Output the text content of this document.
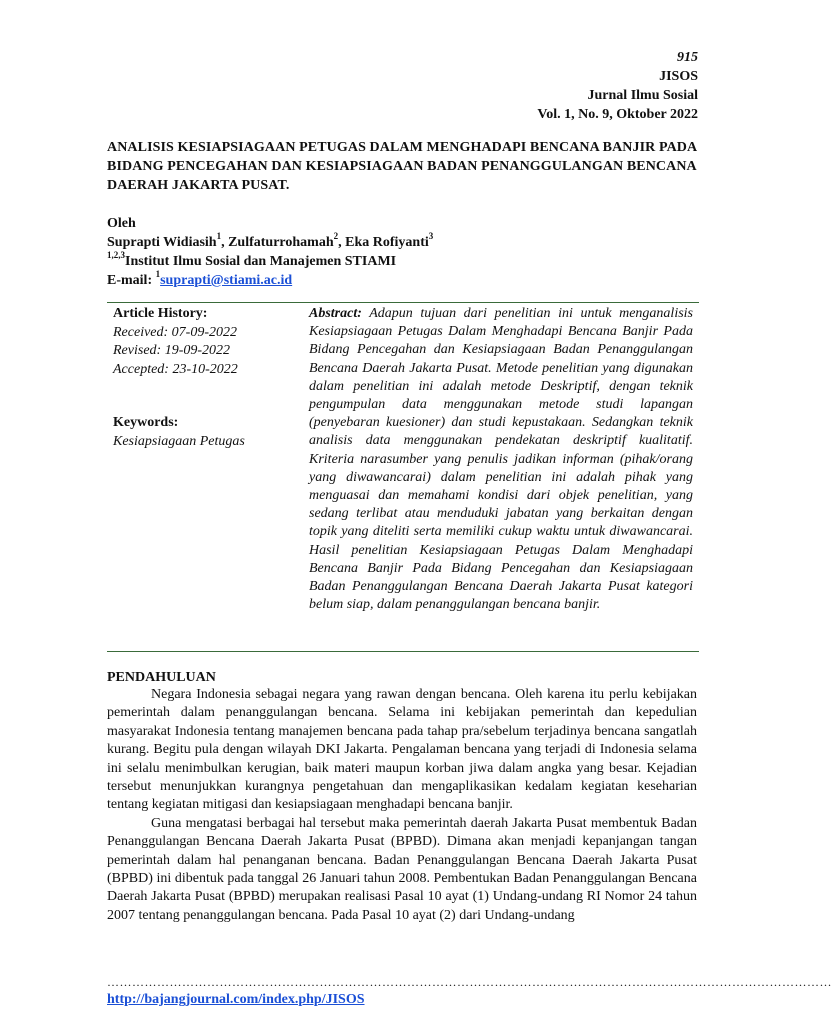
915
JISOS
Jurnal Ilmu Sosial
Vol. 1, No. 9, Oktober 2022
ANALISIS KESIAPSIAGAAN PETUGAS DALAM MENGHADAPI BENCANA BANJIR PADA BIDANG PENCEGAHAN DAN KESIAPSIAGAAN BADAN PENANGGULANGAN BENCANA DAERAH JAKARTA PUSAT.
Oleh
Suprapti Widiasih$^1$, Zulfaturrohamah$^2$, Eka Rofiyanti$^3$
$^{1,2,3}$Institut Ilmu Sosial dan Manajemen STIAMI
E-mail: $^1$suprapti@stiami.ac.id
Article History:
Received: 07-09-2022
Revised: 19-09-2022
Accepted: 23-10-2022
Keywords:
Kesiapsiagaan Petugas
Abstract: Adapun tujuan dari penelitian ini untuk menganalisis Kesiapsiagaan Petugas Dalam Menghadapi Bencana Banjir Pada Bidang Pencegahan dan Kesiapsiagaan Badan Penanggulangan Bencana Daerah Jakarta Pusat. Metode penelitian yang digunakan dalam penelitian ini adalah metode Deskriptif, dengan teknik pengumpulan data menggunakan metode studi lapangan (penyebaran kuesioner) dan studi kepustakaan. Sedangkan teknik analisis data menggunakan pendekatan deskriptif kualitatif. Kriteria narasumber yang penulis jadikan informan (pihak/orang yang diwawancarai) dalam penelitian ini adalah pihak yang menguasai dan memahami kondisi dari objek penelitian, yang sedang terlibat atau menduduki jabatan yang berkaitan dengan topik yang diteliti serta memiliki cukup waktu untuk diwawancarai. Hasil penelitian Kesiapsiagaan Petugas Dalam Menghadapi Bencana Banjir Pada Bidang Pencegahan dan Kesiapsiagaan Badan Penanggulangan Bencana Daerah Jakarta Pusat kategori belum siap, dalam penanggulangan bencana banjir.
PENDAHULUAN

Negara Indonesia sebagai negara yang rawan dengan bencana. Oleh karena itu perlu kebijakan pemerintah dalam penanggulangan bencana. Selama ini kebijakan pemerintah dan kepedulian masyarakat Indonesia tentang manajemen bencana pada tahap pra/sebelum terjadinya bencana sangatlah kurang. Begitu pula dengan wilayah DKI Jakarta. Pengalaman bencana yang terjadi di Indonesia selama ini selalu menimbulkan kerugian, baik materi maupun korban jiwa dalam angka yang besar. Kejadian tersebut menunjukkan kurangnya pengetahuan dan mengaplikasikan kedalam kegiatan keseharian tentang kegiatan mitigasi dan kesiapsiagaan menghadapi bencana banjir.

Guna mengatasi berbagai hal tersebut maka pemerintah daerah Jakarta Pusat membentuk Badan Penanggulangan Bencana Daerah Jakarta Pusat (BPBD). Dimana akan menjadi kepanjangan tangan pemerintah dalam hal penanganan bencana. Badan Penanggulangan Bencana Daerah Jakarta Pusat (BPBD) ini dibentuk pada tanggal 26 Januari tahun 2008. Pembentukan Badan Penanggulangan Bencana Daerah Jakarta Pusat (BPBD) merupakan realisasi Pasal 10 ayat (1) Undang-undang RI Nomor 24 tahun 2007 tentang penanggulangan bencana. Pada Pasal 10 ayat (2) dari Undang-undang

…………………………………………………………………………………………………………………………………………………………
http://bajangjournal.com/index.php/JISOS
